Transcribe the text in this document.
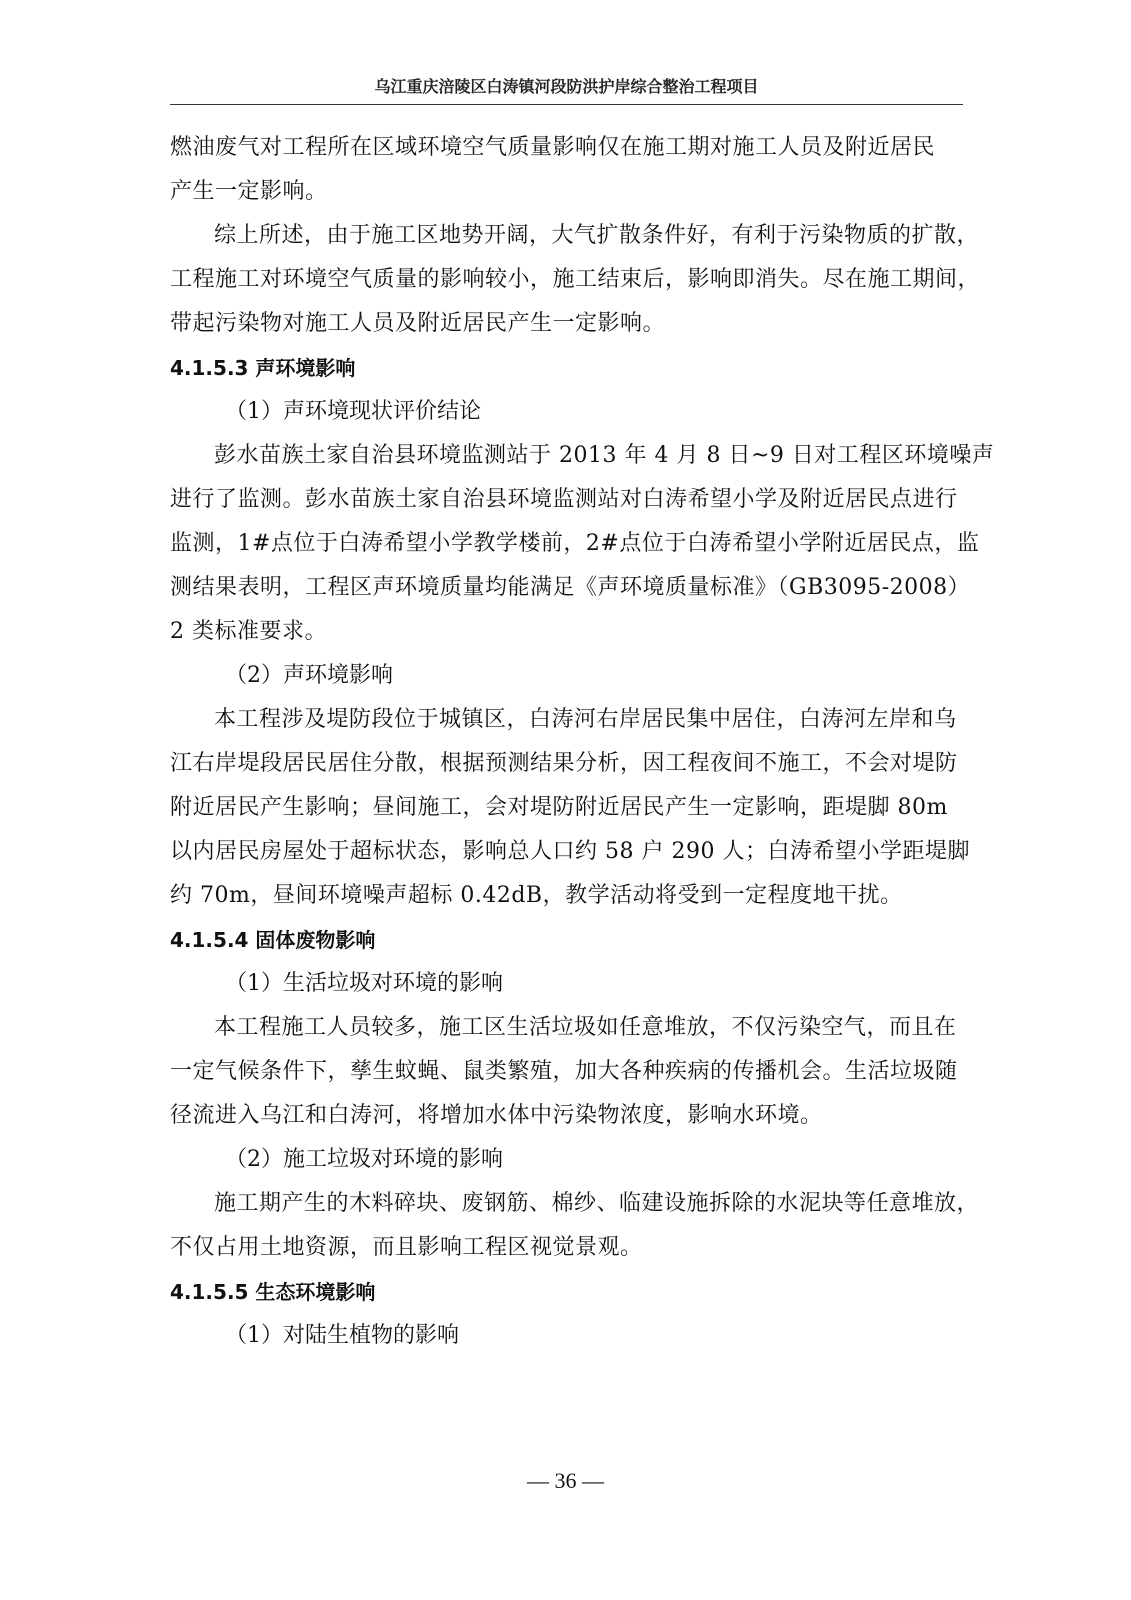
乌江重庆涪陵区白涛镇河段防洪护岸综合整治工程项目

燃油废气对工程所在区域环境空气质量影响仅在施工期对施工人员及附近居民

产生一定影响。

综上所述，由于施工区地势开阔，大气扩散条件好，有利于污染物质的扩散，

工程施工对环境空气质量的影响较小，施工结束后，影响即消失。尽在施工期间，

带起污染物对施工人员及附近居民产生一定影响。

4.1.5.3 声环境影响

（1）声环境现状评价结论

彭水苗族土家自治县环境监测站于 2013 年 4 月 8 日~9 日对工程区环境噪声

进行了监测。彭水苗族土家自治县环境监测站对白涛希望小学及附近居民点进行

监测，1#点位于白涛希望小学教学楼前，2#点位于白涛希望小学附近居民点，监

测结果表明，工程区声环境质量均能满足《声环境质量标准》（GB3095-2008）

2 类标准要求。

（2）声环境影响

本工程涉及堤防段位于城镇区，白涛河右岸居民集中居住，白涛河左岸和乌

江右岸堤段居民居住分散，根据预测结果分析，因工程夜间不施工，不会对堤防

附近居民产生影响；昼间施工，会对堤防附近居民产生一定影响，距堤脚 80m

以内居民房屋处于超标状态，影响总人口约 58 户 290 人；白涛希望小学距堤脚

约 70m，昼间环境噪声超标 0.42dB，教学活动将受到一定程度地干扰。

4.1.5.4 固体废物影响

（1）生活垃圾对环境的影响

本工程施工人员较多，施工区生活垃圾如任意堆放，不仅污染空气，而且在

一定气候条件下，孳生蚊蝇、鼠类繁殖，加大各种疾病的传播机会。生活垃圾随

径流进入乌江和白涛河，将增加水体中污染物浓度，影响水环境。

（2）施工垃圾对环境的影响

施工期产生的木料碎块、废钢筋、棉纱、临建设施拆除的水泥块等任意堆放，

不仅占用土地资源，而且影响工程区视觉景观。

4.1.5.5 生态环境影响

（1）对陆生植物的影响

— 36 —
